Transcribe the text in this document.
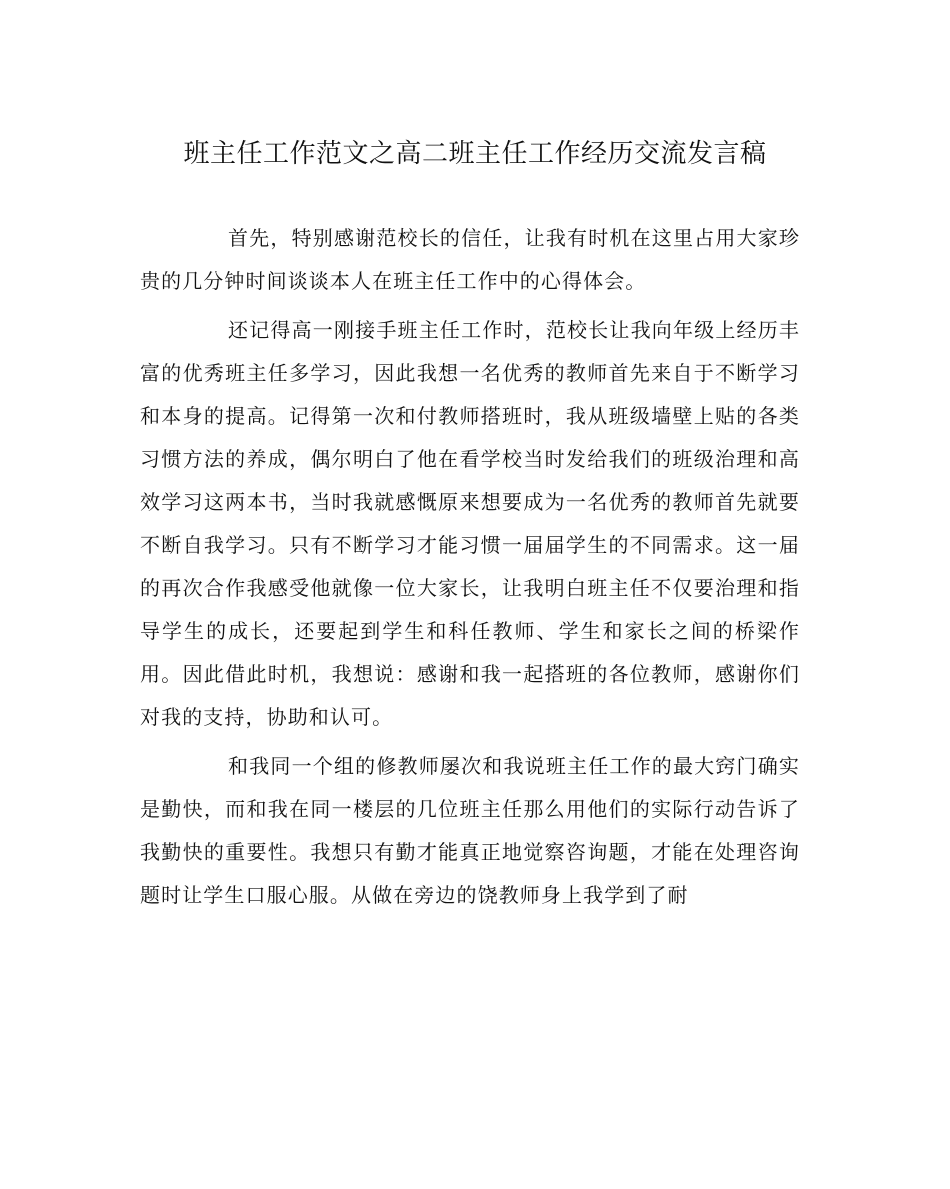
班主任工作范文之高二班主任工作经历交流发言稿

首先，特别感谢范校长的信任，让我有时机在这里占用大家珍贵的几分钟时间谈谈本人在班主任工作中的心得体会。

还记得高一刚接手班主任工作时，范校长让我向年级上经历丰富的优秀班主任多学习，因此我想一名优秀的教师首先来自于不断学习和本身的提高。记得第一次和付教师搭班时，我从班级墙壁上贴的各类习惯方法的养成，偶尔明白了他在看学校当时发给我们的班级治理和高效学习这两本书，当时我就感慨原来想要成为一名优秀的教师首先就要不断自我学习。只有不断学习才能习惯一届届学生的不同需求。这一届的再次合作我感受他就像一位大家长，让我明白班主任不仅要治理和指导学生的成长，还要起到学生和科任教师、学生和家长之间的桥梁作用。因此借此时机，我想说：感谢和我一起搭班的各位教师，感谢你们对我的支持，协助和认可。

和我同一个组的修教师屡次和我说班主任工作的最大窍门确实是勤快，而和我在同一楼层的几位班主任那么用他们的实际行动告诉了我勤快的重要性。我想只有勤才能真正地觉察咨询题，才能在处理咨询题时让学生口服心服。从做在旁边的饶教师身上我学到了耐
